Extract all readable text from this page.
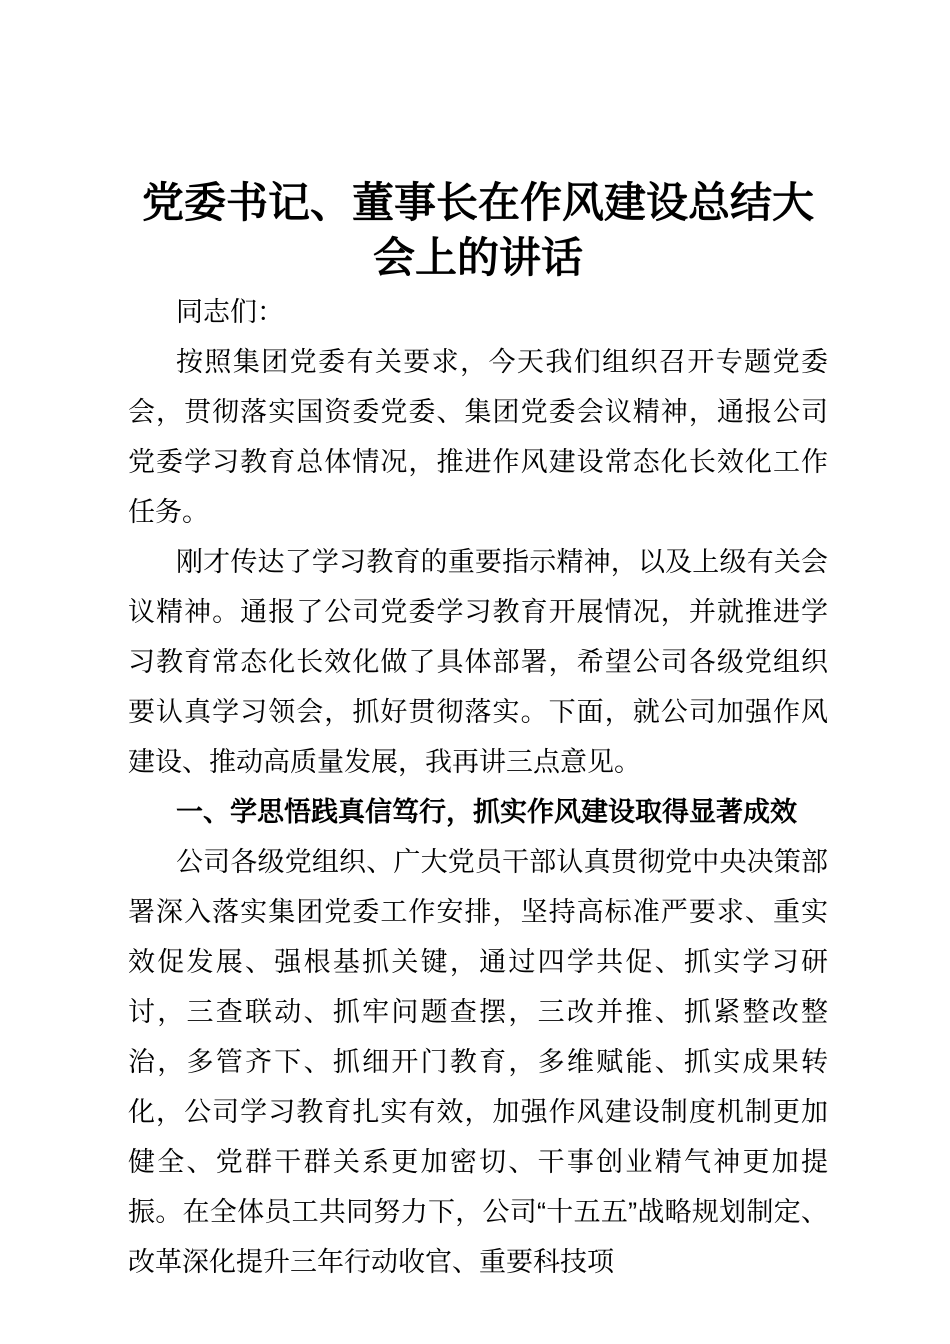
党委书记、董事长在作风建设总结大会上的讲话

同志们：

按照集团党委有关要求，今天我们组织召开专题党委会，贯彻落实国资委党委、集团党委会议精神，通报公司党委学习教育总体情况，推进作风建设常态化长效化工作任务。

刚才传达了学习教育的重要指示精神，以及上级有关会议精神。通报了公司党委学习教育开展情况，并就推进学习教育常态化长效化做了具体部署，希望公司各级党组织要认真学习领会，抓好贯彻落实。下面，就公司加强作风建设、推动高质量发展，我再讲三点意见。

一、学思悟践真信笃行，抓实作风建设取得显著成效

公司各级党组织、广大党员干部认真贯彻党中央决策部署深入落实集团党委工作安排，坚持高标准严要求、重实效促发展、强根基抓关键，通过四学共促、抓实学习研讨，三查联动、抓牢问题查摆，三改并推、抓紧整改整治，多管齐下、抓细开门教育，多维赋能、抓实成果转化，公司学习教育扎实有效，加强作风建设制度机制更加健全、党群干群关系更加密切、干事创业精气神更加提振。在全体员工共同努力下，公司“十五五”战略规划制定、改革深化提升三年行动收官、重要科技项
